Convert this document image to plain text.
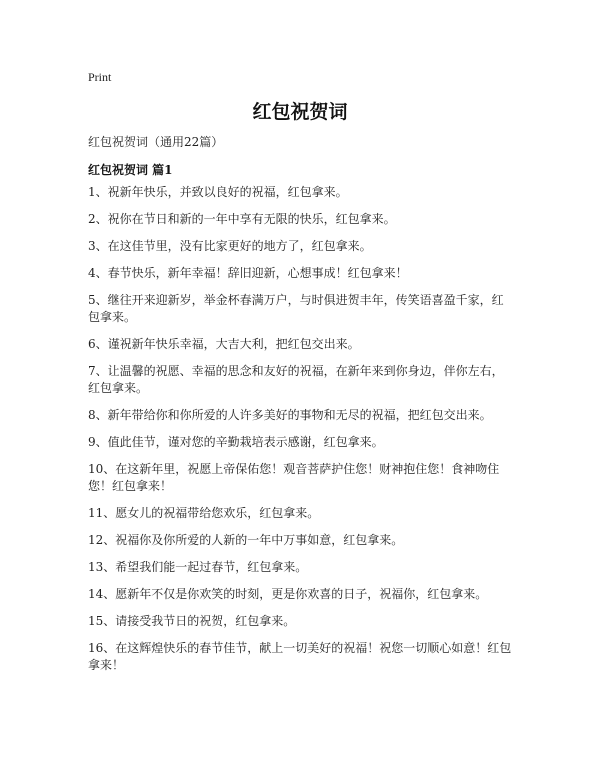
Print
红包祝贺词
红包祝贺词（通用22篇）
红包祝贺词 篇1
1、祝新年快乐，并致以良好的祝福，红包拿来。
2、祝你在节日和新的一年中享有无限的快乐，红包拿来。
3、在这佳节里，没有比家更好的地方了，红包拿来。
4、春节快乐，新年幸福！辞旧迎新，心想事成！红包拿来！
5、继往开来迎新岁，举金杯春满万户，与时俱进贺丰年，传笑语喜盈千家，红包拿来。
6、谨祝新年快乐幸福，大吉大利，把红包交出来。
7、让温馨的祝愿、幸福的思念和友好的祝福，在新年来到你身边，伴你左右，红包拿来。
8、新年带给你和你所爱的人许多美好的事物和无尽的祝福，把红包交出来。
9、值此佳节，谨对您的辛勤栽培表示感谢，红包拿来。
10、在这新年里，祝愿上帝保佑您！观音菩萨护住您！财神抱住您！食神吻住您！红包拿来！
11、愿女儿的祝福带给您欢乐，红包拿来。
12、祝福你及你所爱的人新的一年中万事如意，红包拿来。
13、希望我们能一起过春节，红包拿来。
14、愿新年不仅是你欢笑的时刻，更是你欢喜的日子，祝福你，红包拿来。
15、请接受我节日的祝贺，红包拿来。
16、在这辉煌快乐的春节佳节，献上一切美好的祝福！祝您一切顺心如意！红包拿来！
